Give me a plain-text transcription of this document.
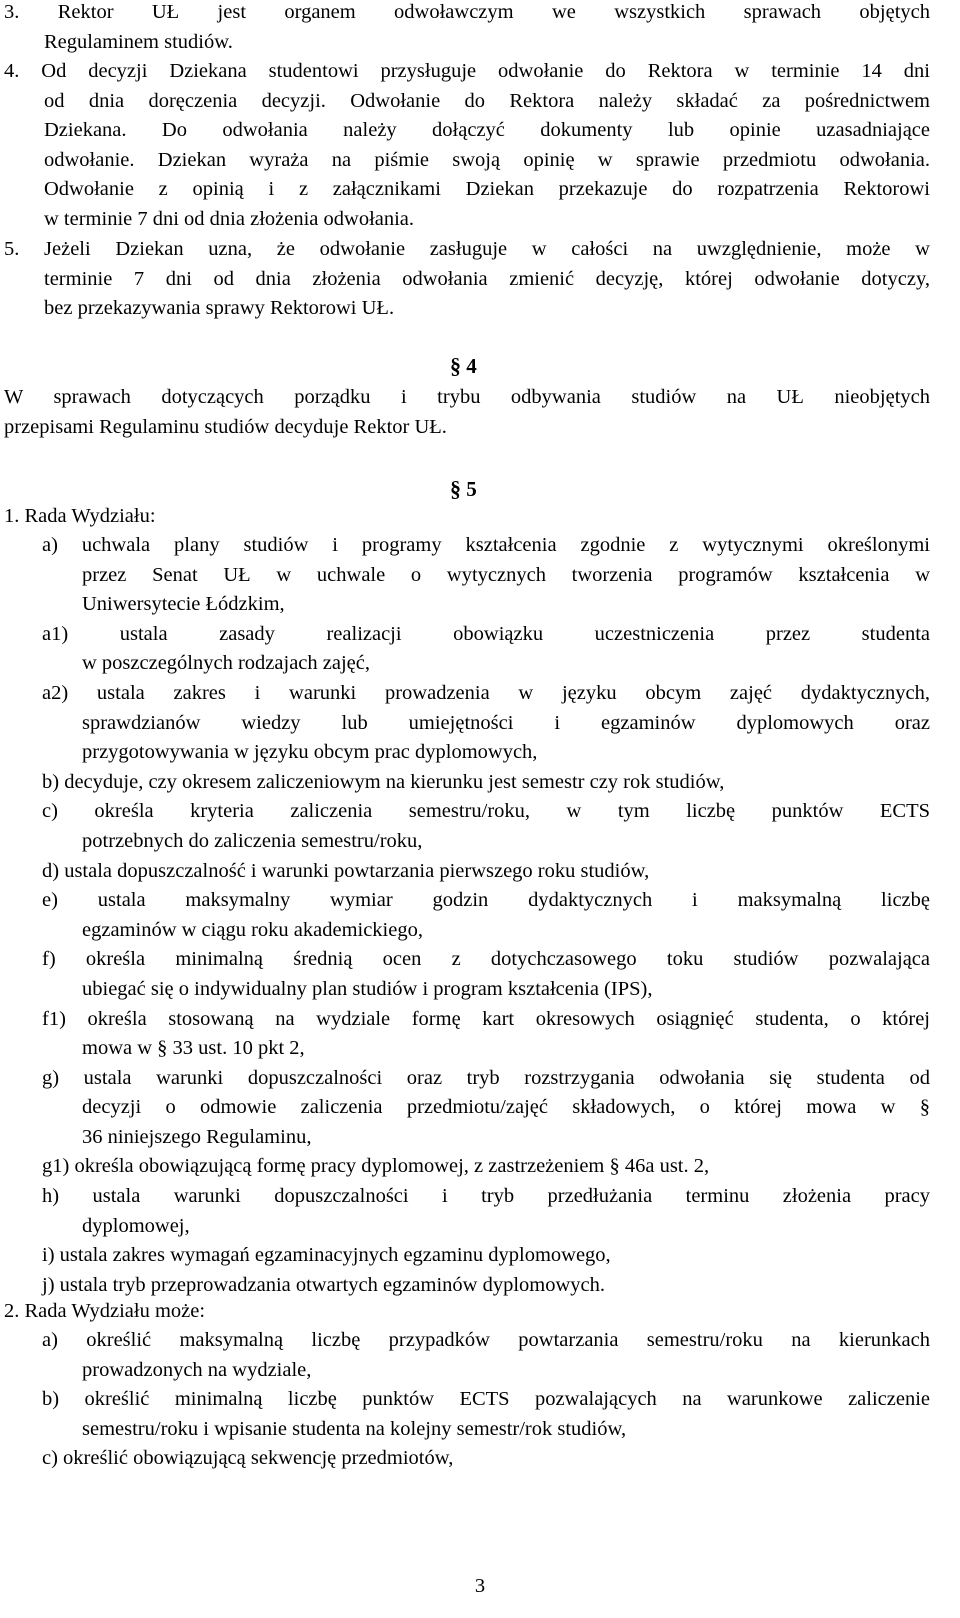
3. Rektor UŁ jest organem odwoławczym we wszystkich sprawach objętych
Regulaminem studiów.
4. Od decyzji Dziekana studentowi przysługuje odwołanie do Rektora w terminie 14 dni
od dnia doręczenia decyzji. Odwołanie do Rektora należy składać za pośrednictwem
Dziekana. Do odwołania należy dołączyć dokumenty lub opinie uzasadniające
odwołanie. Dziekan wyraża na piśmie swoją opinię w sprawie przedmiotu odwołania.
Odwołanie z opinią i z załącznikami Dziekan przekazuje do rozpatrzenia Rektorowi
w terminie 7 dni od dnia złożenia odwołania.
5. Jeżeli Dziekan uzna, że odwołanie zasługuje w całości na uwzględnienie, może w
terminie 7 dni od dnia złożenia odwołania zmienić decyzję, której odwołanie dotyczy,
bez przekazywania sprawy Rektorowi UŁ.
§ 4
W sprawach dotyczących porządku i trybu odbywania studiów na UŁ nieobjętych
przepisami Regulaminu studiów decyduje Rektor UŁ.
§ 5
1. Rada Wydziału:
a) uchwala plany studiów i programy kształcenia zgodnie z wytycznymi określonymi
przez Senat UŁ w uchwale o wytycznych tworzenia programów kształcenia w
Uniwersytecie Łódzkim,
a1) ustala zasady realizacji obowiązku uczestniczenia przez studenta
w poszczególnych rodzajach zajęć,
a2) ustala zakres i warunki prowadzenia w języku obcym zajęć dydaktycznych,
sprawdzianów wiedzy lub umiejętności i egzaminów dyplomowych oraz
przygotowywania w języku obcym prac dyplomowych,
b) decyduje, czy okresem zaliczeniowym na kierunku jest semestr czy rok studiów,
c) określa kryteria zaliczenia semestru/roku, w tym liczbę punktów ECTS
potrzebnych do zaliczenia semestru/roku,
d) ustala dopuszczalność i warunki powtarzania pierwszego roku studiów,
e) ustala maksymalny wymiar godzin dydaktycznych i maksymalną liczbę
egzaminów w ciągu roku akademickiego,
f) określa minimalną średnią ocen z dotychczasowego toku studiów pozwalająca
ubiegać się o indywidualny plan studiów i program kształcenia (IPS),
f1) określa stosowaną na wydziale formę kart okresowych osiągnięć studenta, o której
mowa w § 33 ust. 10 pkt 2,
g) ustala warunki dopuszczalności oraz tryb rozstrzygania odwołania się studenta od
decyzji o odmowie zaliczenia przedmiotu/zajęć składowych, o której mowa w §
36 niniejszego Regulaminu,
g1) określa obowiązującą formę pracy dyplomowej, z zastrzeżeniem § 46a ust. 2,
h) ustala warunki dopuszczalności i tryb przedłużania terminu złożenia pracy
dyplomowej,
i) ustala zakres wymagań egzaminacyjnych egzaminu dyplomowego,
j) ustala tryb przeprowadzania otwartych egzaminów dyplomowych.
2. Rada Wydziału może:
a) określić maksymalną liczbę przypadków powtarzania semestru/roku na kierunkach
prowadzonych na wydziale,
b) określić minimalną liczbę punktów ECTS pozwalających na warunkowe zaliczenie
semestru/roku i wpisanie studenta na kolejny semestr/rok studiów,
c) określić obowiązującą sekwencję przedmiotów,
3
